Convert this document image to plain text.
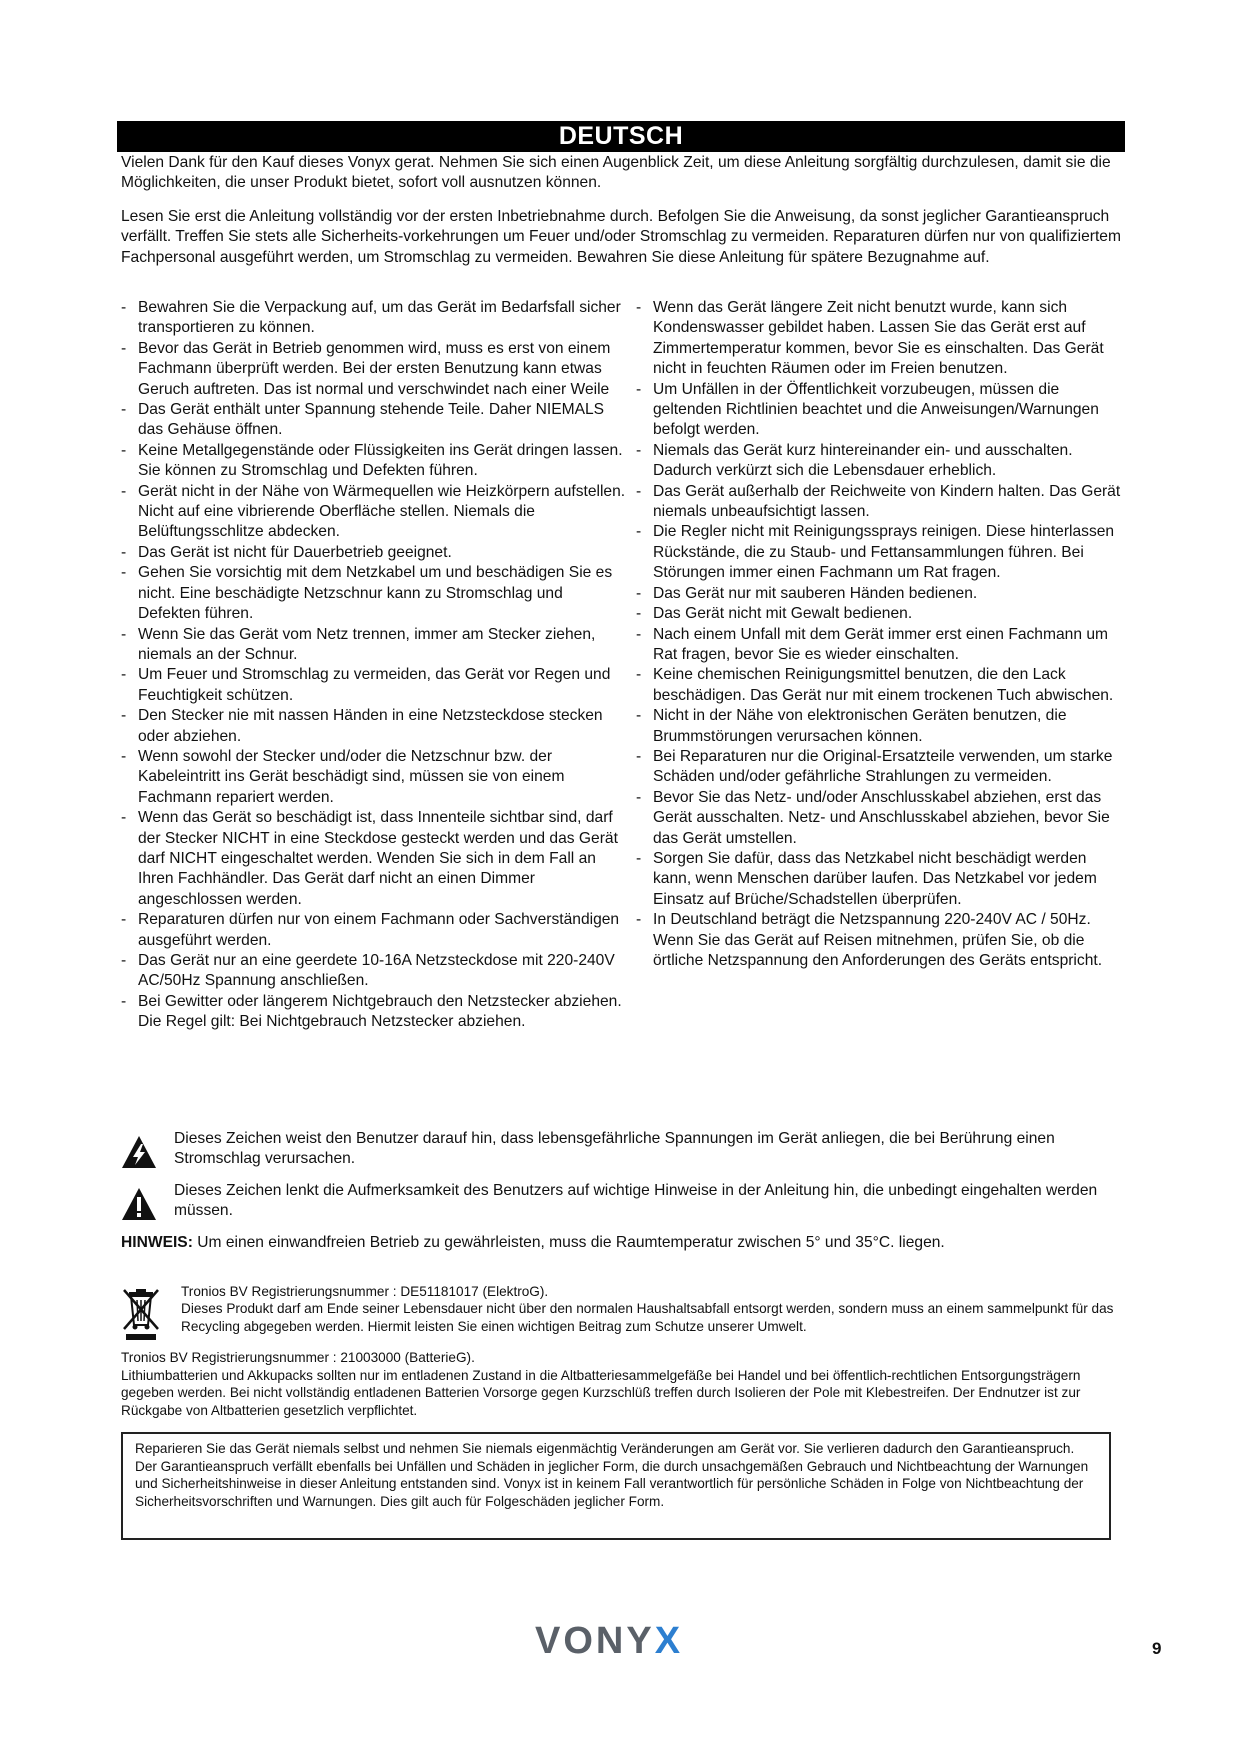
DEUTSCH

Vielen Dank für den Kauf dieses Vonyx gerat. Nehmen Sie sich einen Augenblick Zeit, um diese Anleitung sorgfältig durchzulesen, damit sie die Möglichkeiten, die unser Produkt bietet, sofort voll ausnutzen können.

Lesen Sie erst die Anleitung vollständig vor der ersten Inbetriebnahme durch. Befolgen Sie die Anweisung, da sonst jeglicher Garantieanspruch verfällt. Treffen Sie stets alle Sicherheits-vorkehrungen um Feuer und/oder Stromschlag zu vermeiden. Reparaturen dürfen nur von qualifiziertem Fachpersonal ausgeführt werden, um Stromschlag zu vermeiden. Bewahren Sie diese Anleitung für spätere Bezugnahme auf.

- Bewahren Sie die Verpackung auf, um das Gerät im Bedarfsfall sicher transportieren zu können.
- Bevor das Gerät in Betrieb genommen wird, muss es erst von einem Fachmann überprüft werden. Bei der ersten Benutzung kann etwas Geruch auftreten. Das ist normal und verschwindet nach einer Weile
- Das Gerät enthält unter Spannung stehende Teile. Daher NIEMALS das Gehäuse öffnen.
- Keine Metallgegenstände oder Flüssigkeiten ins Gerät dringen lassen. Sie können zu Stromschlag und Defekten führen.
- Gerät nicht in der Nähe von Wärmequellen wie Heizkörpern aufstellen. Nicht auf eine vibrierende Oberfläche stellen. Niemals die Belüftungsschlitze abdecken.
- Das Gerät ist nicht für Dauerbetrieb geeignet.
- Gehen Sie vorsichtig mit dem Netzkabel um und beschädigen Sie es nicht. Eine beschädigte Netzschnur kann zu Stromschlag und Defekten führen.
- Wenn Sie das Gerät vom Netz trennen, immer am Stecker ziehen, niemals an der Schnur.
- Um Feuer und Stromschlag zu vermeiden, das Gerät vor Regen und Feuchtigkeit schützen.
- Den Stecker nie mit nassen Händen in eine Netzsteckdose stecken oder abziehen.
- Wenn sowohl der Stecker und/oder die Netzschnur bzw. der Kabeleintritt ins Gerät beschädigt sind, müssen sie von einem Fachmann repariert werden.
- Wenn das Gerät so beschädigt ist, dass Innenteile sichtbar sind, darf der Stecker NICHT in eine Steckdose gesteckt werden und das Gerät darf NICHT eingeschaltet werden. Wenden Sie sich in dem Fall an Ihren Fachhändler. Das Gerät darf nicht an einen Dimmer angeschlossen werden.
- Reparaturen dürfen nur von einem Fachmann oder Sachverständigen ausgeführt werden.
- Das Gerät nur an eine geerdete 10-16A Netzsteckdose mit 220-240V AC/50Hz Spannung anschließen.
- Bei Gewitter oder längerem Nichtgebrauch den Netzstecker abziehen. Die Regel gilt: Bei Nichtgebrauch Netzstecker abziehen.
- Wenn das Gerät längere Zeit nicht benutzt wurde, kann sich Kondenswasser gebildet haben. Lassen Sie das Gerät erst auf Zimmertemperatur kommen, bevor Sie es einschalten. Das Gerät nicht in feuchten Räumen oder im Freien benutzen.
- Um Unfällen in der Öffentlichkeit vorzubeugen, müssen die geltenden Richtlinien beachtet und die Anweisungen/Warnungen befolgt werden.
- Niemals das Gerät kurz hintereinander ein- und ausschalten. Dadurch verkürzt sich die Lebensdauer erheblich.
- Das Gerät außerhalb der Reichweite von Kindern halten. Das Gerät niemals unbeaufsichtigt lassen.
- Die Regler nicht mit Reinigungssprays reinigen. Diese hinterlassen Rückstände, die zu Staub- und Fettansammlungen führen. Bei Störungen immer einen Fachmann um Rat fragen.
- Das Gerät nur mit sauberen Händen bedienen.
- Das Gerät nicht mit Gewalt bedienen.
- Nach einem Unfall mit dem Gerät immer erst einen Fachmann um Rat fragen, bevor Sie es wieder einschalten.
- Keine chemischen Reinigungsmittel benutzen, die den Lack beschädigen. Das Gerät nur mit einem trockenen Tuch abwischen.
- Nicht in der Nähe von elektronischen Geräten benutzen, die Brummstörungen verursachen können.
- Bei Reparaturen nur die Original-Ersatzteile verwenden, um starke Schäden und/oder gefährliche Strahlungen zu vermeiden.
- Bevor Sie das Netz- und/oder Anschlusskabel abziehen, erst das Gerät ausschalten. Netz- und Anschlusskabel abziehen, bevor Sie das Gerät umstellen.
- Sorgen Sie dafür, dass das Netzkabel nicht beschädigt werden kann, wenn Menschen darüber laufen. Das Netzkabel vor jedem Einsatz auf Brüche/Schadstellen überprüfen.
- In Deutschland beträgt die Netzspannung 220-240V AC / 50Hz. Wenn Sie das Gerät auf Reisen mitnehmen, prüfen Sie, ob die örtliche Netzspannung den Anforderungen des Geräts entspricht.
Dieses Zeichen weist den Benutzer darauf hin, dass lebensgefährliche Spannungen im Gerät anliegen, die bei Berührung einen Stromschlag verursachen.
Dieses Zeichen lenkt die Aufmerksamkeit des Benutzers auf wichtige Hinweise in der Anleitung hin, die unbedingt eingehalten werden müssen.
HINWEIS: Um einen einwandfreien Betrieb zu gewährleisten, muss die Raumtemperatur zwischen 5° und 35°C. liegen.
Tronios BV Registrierungsnummer : DE51181017 (ElektroG).
Dieses Produkt darf am Ende seiner Lebensdauer nicht über den normalen Haushaltsabfall entsorgt werden, sondern muss an einem sammelpunkt für das Recycling abgegeben werden. Hiermit leisten Sie einen wichtigen Beitrag zum Schutze unserer Umwelt.
Tronios BV Registrierungsnummer : 21003000 (BatterieG).
Lithiumbatterien und Akkupacks sollten nur im entladenen Zustand in die Altbatteriesammelgefäße bei Handel und bei öffentlich-rechtlichen Entsorgungsträgern gegeben werden. Bei nicht vollständig entladenen Batterien Vorsorge gegen Kurzschlüß treffen durch Isolieren der Pole mit Klebestreifen. Der Endnutzer ist zur Rückgabe von Altbatterien gesetzlich verpflichtet.
Reparieren Sie das Gerät niemals selbst und nehmen Sie niemals eigenmächtig Veränderungen am Gerät vor. Sie verlieren dadurch den Garantieanspruch. Der Garantieanspruch verfällt ebenfalls bei Unfällen und Schäden in jeglicher Form, die durch unsachgemäßen Gebrauch und Nichtbeachtung der Warnungen und Sicherheitshinweise in dieser Anleitung entstanden sind. Vonyx ist in keinem Fall verantwortlich für persönliche Schäden in Folge von Nichtbeachtung der Sicherheitsvorschriften und Warnungen. Dies gilt auch für Folgeschäden jeglicher Form.
VONYX	9
